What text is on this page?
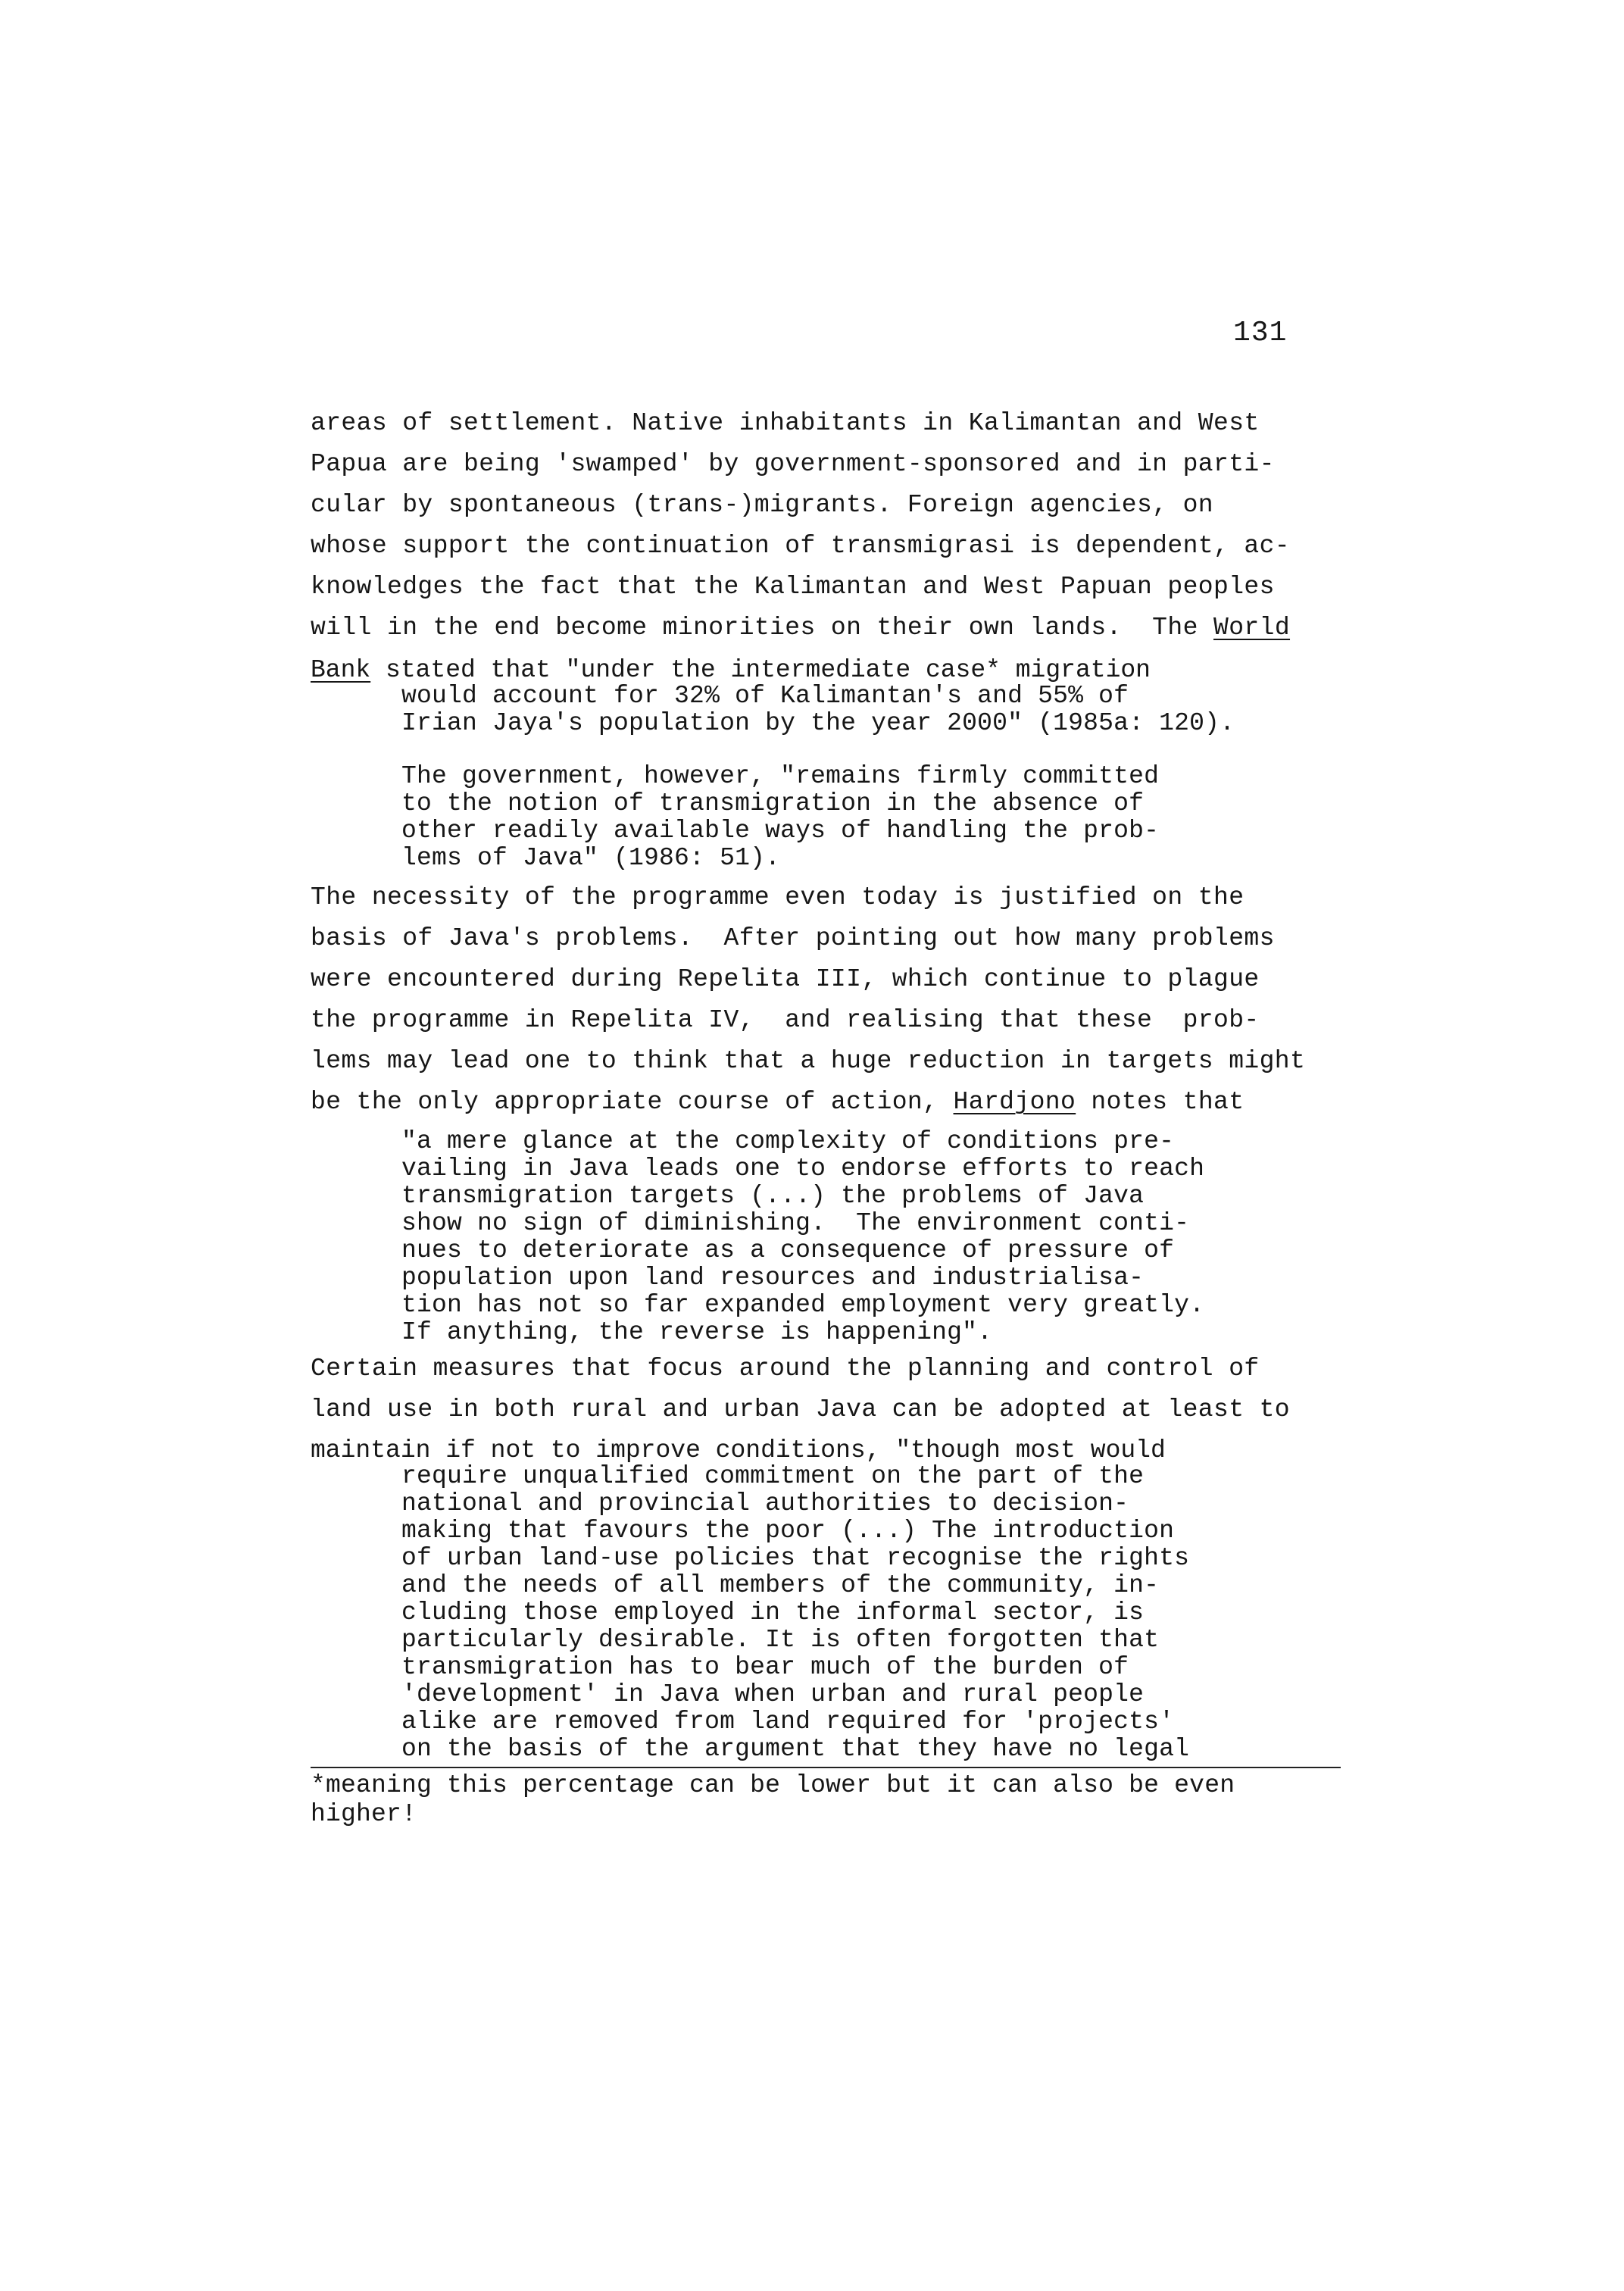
131
areas of settlement. Native inhabitants in Kalimantan and West
Papua are being 'swamped' by government-sponsored and in parti-
cular by spontaneous (trans-)migrants. Foreign agencies, on
whose support the continuation of transmigrasi is dependent, ac-
knowledges the fact that the Kalimantan and West Papuan peoples
will in the end become minorities on their own lands.  The World
Bank stated that "under the intermediate case* migration
would account for 32% of Kalimantan's and 55% of
Irian Jaya's population by the year 2000" (1985a: 120).
The government, however, "remains firmly committed
to the notion of transmigration in the absence of
other readily available ways of handling the prob-
lems of Java" (1986: 51).
The necessity of the programme even today is justified on the
basis of Java's problems.  After pointing out how many problems
were encountered during Repelita III, which continue to plague
the programme in Repelita IV,  and realising that these  prob-
lems may lead one to think that a huge reduction in targets might
be the only appropriate course of action, Hardjono notes that
"a mere glance at the complexity of conditions pre-
vailing in Java leads one to endorse efforts to reach
transmigration targets (...) the problems of Java
show no sign of diminishing.  The environment conti-
nues to deteriorate as a consequence of pressure of
population upon land resources and industrialisa-
tion has not so far expanded employment very greatly.
If anything, the reverse is happening".
Certain measures that focus around the planning and control of
land use in both rural and urban Java can be adopted at least to
maintain if not to improve conditions, "though most would
require unqualified commitment on the part of the
national and provincial authorities to decision-
making that favours the poor (...) The introduction
of urban land-use policies that recognise the rights
and the needs of all members of the community, in-
cluding those employed in the informal sector, is
particularly desirable. It is often forgotten that
transmigration has to bear much of the burden of
'development' in Java when urban and rural people
alike are removed from land required for 'projects'
on the basis of the argument that they have no legal
*meaning this percentage can be lower but it can also be even
higher!
